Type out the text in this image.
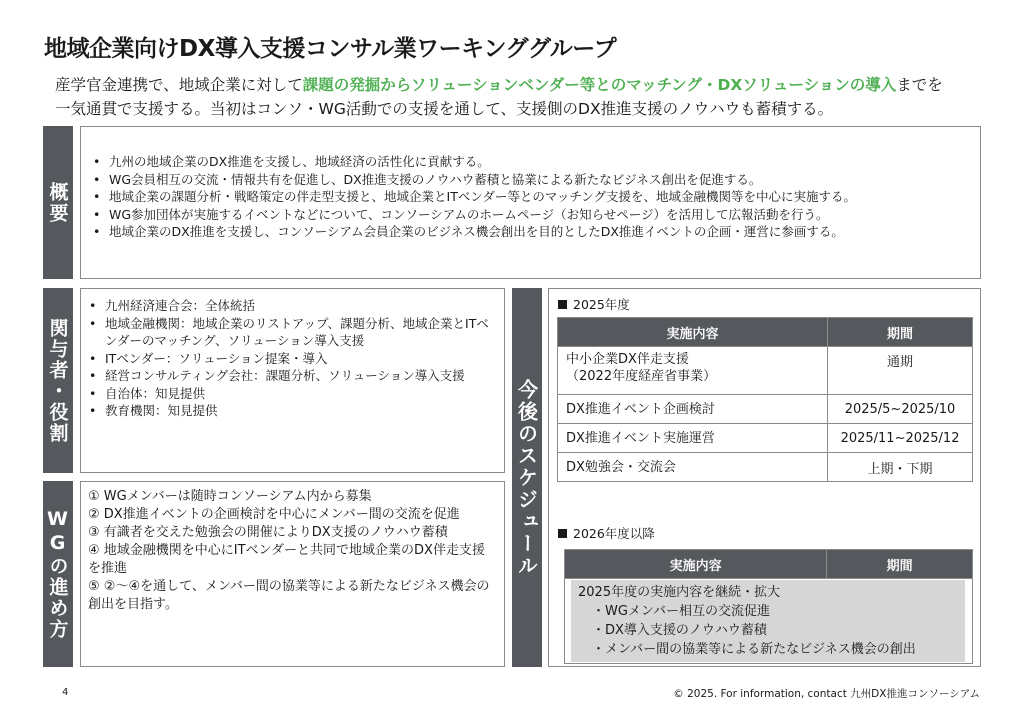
地域企業向けDX導入支援コンサル業ワーキンググループ
産学官金連携で、地域企業に対して課題の発掘からソリューションベンダー等とのマッチング・DXソリューションの導入までを
一気通貫で支援する。当初はコンソ・WG活動での支援を通して、支援側のDX推進支援のノウハウも蓄積する。
概要
• 九州の地域企業のDX推進を支援し、地域経済の活性化に貢献する。
• WG会員相互の交流・情報共有を促進し、DX推進支援のノウハウ蓄積と協業による新たなビジネス創出を促進する。
• 地域企業の課題分析・戦略策定の伴走型支援と、地域企業とITベンダー等とのマッチング支援を、地域金融機関等を中心に実施する。
• WG参加団体が実施するイベントなどについて、コンソーシアムのホームページ（お知らせページ）を活用して広報活動を行う。
• 地域企業のDX推進を支援し、コンソーシアム会員企業のビジネス機会創出を目的としたDX推進イベントの企画・運営に参画する。
関与者・役割
• 九州経済連合会：全体統括
• 地域金融機関：地域企業のリストアップ、課題分析、地域企業とITベンダーのマッチング、ソリューション導入支援
• ITベンダー：ソリューション提案・導入
• 経営コンサルティング会社：課題分析、ソリューション導入支援
• 自治体：知見提供
• 教育機関：知見提供
WGの進め方

① WGメンバーは随時コンソーシアム内から募集

② DX推進イベントの企画検討を中心にメンバー間の交流を促進

③ 有識者を交えた勉強会の開催によりDX支援のノウハウ蓄積

④ 地域金融機関を中心にITベンダーと共同で地域企業のDX伴走支援を推進

⑤ ②～④を通して、メンバー間の協業等による新たなビジネス機会の創出を目指す。

今後のスケジュール
2025年度
実施内容	期間
中小企業DX伴走支援
（2022年度経産省事業）	通期
DX推進イベント企画検討	2025/5~2025/10
DX推進イベント実施運営	2025/11~2025/12
DX勉強会・交流会	上期・下期
2026年度以降
実施内容	期間
2025年度の実施内容を継続・拡大
・WGメンバー相互の交流促進
・DX導入支援のノウハウ蓄積
・メンバー間の協業等による新たなビジネス機会の創出
4	© 2025. For information, contact 九州DX推進コンソーシアム
